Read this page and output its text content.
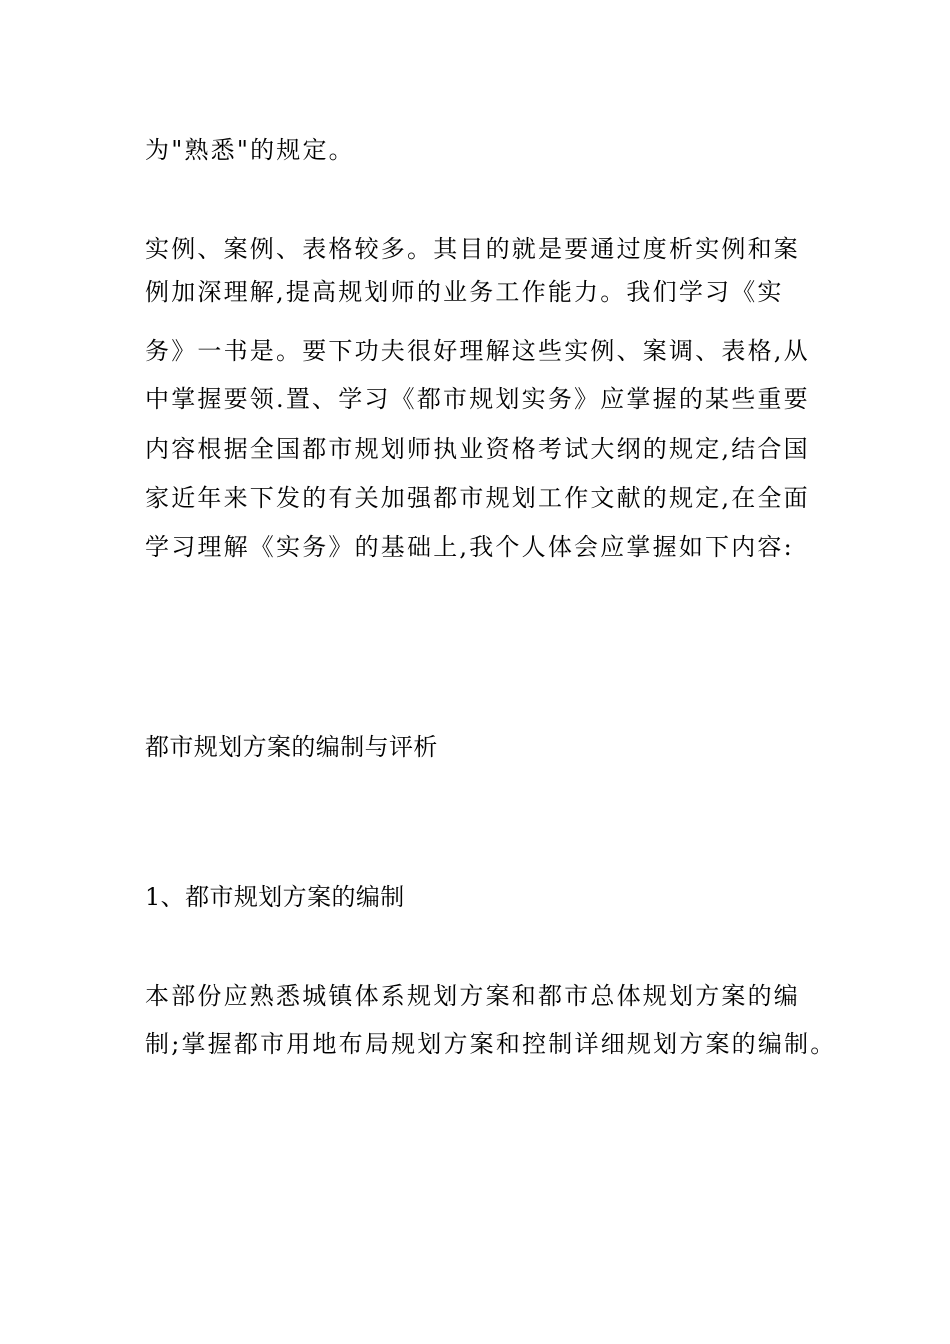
为"熟悉"的规定。
实例、案例、表格较多。其目的就是要通过度析实例和案
例加深理解,提高规划师的业务工作能力。我们学习《实
务》一书是。要下功夫很好理解这些实例、案调、表格,从
中掌握要领.置、学习《都市规划实务》应掌握的某些重要
内容根据全国都市规划师执业资格考试大纲的规定,结合国
家近年来下发的有关加强都市规划工作文献的规定,在全面
学习理解《实务》的基础上,我个人体会应掌握如下内容:
都市规划方案的编制与评析
1、都市规划方案的编制
本部份应熟悉城镇体系规划方案和都市总体规划方案的编
制;掌握都市用地布局规划方案和控制详细规划方案的编制。
